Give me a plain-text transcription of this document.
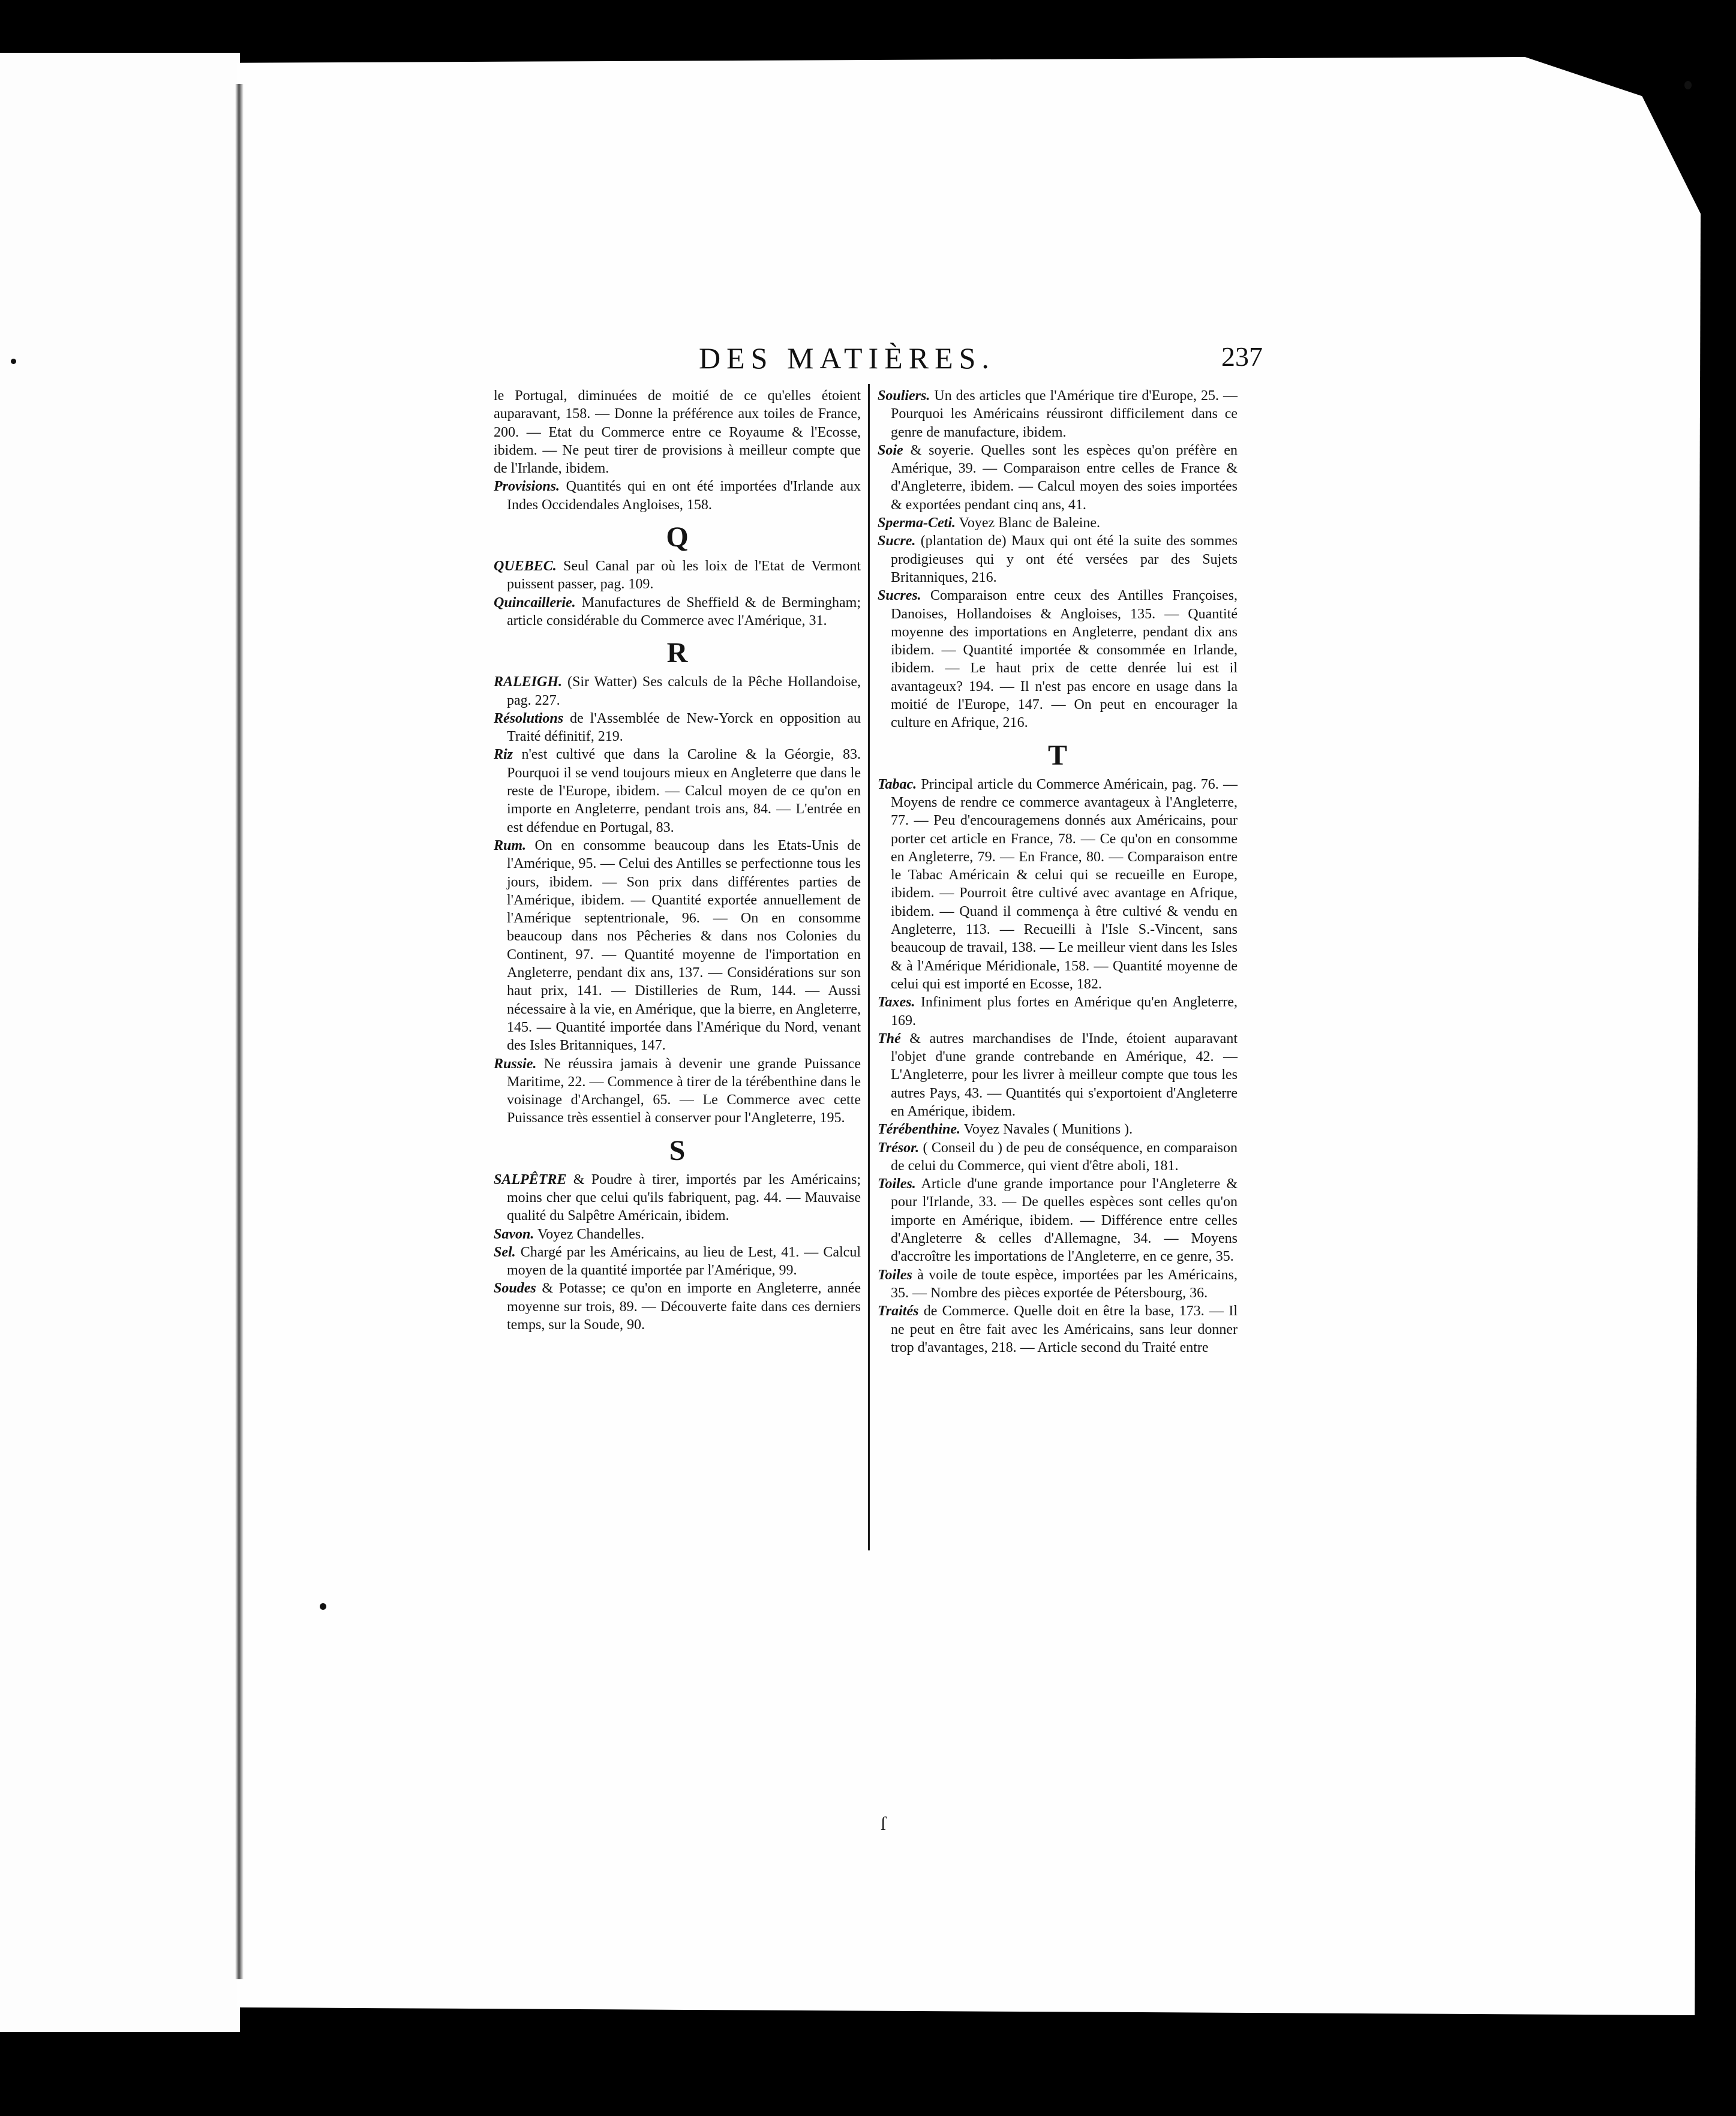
DES MATIÈRES.	237

le Portugal, diminuées de moitié de ce qu'elles étoient auparavant, 158. — Donne la préférence aux toiles de France, 200. — Etat du Commerce entre ce Royaume & l'Ecosse, ibidem. — Ne peut tirer de provisions à meilleur compte que de l'Irlande, ibidem.

Provisions. Quantités qui en ont été importées d'Irlande aux Indes Occidendales Angloises, 158.

Q

QUEBEC. Seul Canal par où les loix de l'Etat de Vermont puissent passer, pag. 109.

Quincaillerie. Manufactures de Sheffield & de Bermingham; article considérable du Commerce avec l'Amérique, 31.

R

RALEIGH. (Sir Watter) Ses calculs de la Pêche Hollandoise, pag. 227.

Résolutions de l'Assemblée de New-Yorck en opposition au Traité définitif, 219.

Riz n'est cultivé que dans la Caroline & la Géorgie, 83. Pourquoi il se vend toujours mieux en Angleterre que dans le reste de l'Europe, ibidem. — Calcul moyen de ce qu'on en importe en Angleterre, pendant trois ans, 84. — L'entrée en est défendue en Portugal, 83.

Rum. On en consomme beaucoup dans les Etats-Unis de l'Amérique, 95. — Celui des Antilles se perfectionne tous les jours, ibidem. — Son prix dans différentes parties de l'Amérique, ibidem. — Quantité exportée annuellement de l'Amérique septentrionale, 96. — On en consomme beaucoup dans nos Pêcheries & dans nos Colonies du Continent, 97. — Quantité moyenne de l'importation en Angleterre, pendant dix ans, 137. — Considérations sur son haut prix, 141. — Distilleries de Rum, 144. — Aussi nécessaire à la vie, en Amérique, que la bierre, en Angleterre, 145. — Quantité importée dans l'Amérique du Nord, venant des Isles Britanniques, 147.

Russie. Ne réussira jamais à devenir une grande Puissance Maritime, 22. — Commence à tirer de la térébenthine dans le voisinage d'Archangel, 65. — Le Commerce avec cette Puissance très essentiel à conserver pour l'Angleterre, 195.

S

SALPÊTRE & Poudre à tirer, importés par les Américains; moins cher que celui qu'ils fabriquent, pag. 44. — Mauvaise qualité du Salpêtre Américain, ibidem.

Savon. Voyez Chandelles.

Sel. Chargé par les Américains, au lieu de Lest, 41. — Calcul moyen de la quantité importée par l'Amérique, 99.

Soudes & Potasse; ce qu'on en importe en Angleterre, année moyenne sur trois, 89. — Découverte faite dans ces derniers temps, sur la Soude, 90.

Souliers. Un des articles que l'Amérique tire d'Europe, 25. — Pourquoi les Américains réussiront difficilement dans ce genre de manufacture, ibidem.

Soie & soyerie. Quelles sont les espèces qu'on préfère en Amérique, 39. — Comparaison entre celles de France & d'Angleterre, ibidem. — Calcul moyen des soies importées & exportées pendant cinq ans, 41.

Sperma-Ceti. Voyez Blanc de Baleine.

Sucre. (plantation de) Maux qui ont été la suite des sommes prodigieuses qui y ont été versées par des Sujets Britanniques, 216.

Sucres. Comparaison entre ceux des Antilles Françoises, Danoises, Hollandoises & Angloises, 135. — Quantité moyenne des importations en Angleterre, pendant dix ans ibidem. — Quantité importée & consommée en Irlande, ibidem. — Le haut prix de cette denrée lui est il avantageux? 194. — Il n'est pas encore en usage dans la moitié de l'Europe, 147. — On peut en encourager la culture en Afrique, 216.

T

Tabac. Principal article du Commerce Américain, pag. 76. — Moyens de rendre ce commerce avantageux à l'Angleterre, 77. — Peu d'encouragemens donnés aux Américains, pour porter cet article en France, 78. — Ce qu'on en consomme en Angleterre, 79. — En France, 80. — Comparaison entre le Tabac Américain & celui qui se recueille en Europe, ibidem. — Pourroit être cultivé avec avantage en Afrique, ibidem. — Quand il commença à être cultivé & vendu en Angleterre, 113. — Recueilli à l'Isle S.-Vincent, sans beaucoup de travail, 138. — Le meilleur vient dans les Isles & à l'Amérique Méridionale, 158. — Quantité moyenne de celui qui est importé en Ecosse, 182.

Taxes. Infiniment plus fortes en Amérique qu'en Angleterre, 169.

Thé & autres marchandises de l'Inde, étoient auparavant l'objet d'une grande contrebande en Amérique, 42. — L'Angleterre, pour les livrer à meilleur compte que tous les autres Pays, 43. — Quantités qui s'exportoient d'Angleterre en Amérique, ibidem.

Térébenthine. Voyez Navales ( Munitions ).

Trésor. ( Conseil du ) de peu de conséquence, en comparaison de celui du Commerce, qui vient d'être aboli, 181.

Toiles. Article d'une grande importance pour l'Angleterre & pour l'Irlande, 33. — De quelles espèces sont celles qu'on importe en Amérique, ibidem. — Différence entre celles d'Angleterre & celles d'Allemagne, 34. — Moyens d'accroître les importations de l'Angleterre, en ce genre, 35.

Toiles à voile de toute espèce, importées par les Américains, 35. — Nombre des pièces exportée de Pétersbourg, 36.

Traités de Commerce. Quelle doit en être la base, 173. — Il ne peut en être fait avec les Américains, sans leur donner trop d'avantages, 218. — Article second du Traité entre

ſ
